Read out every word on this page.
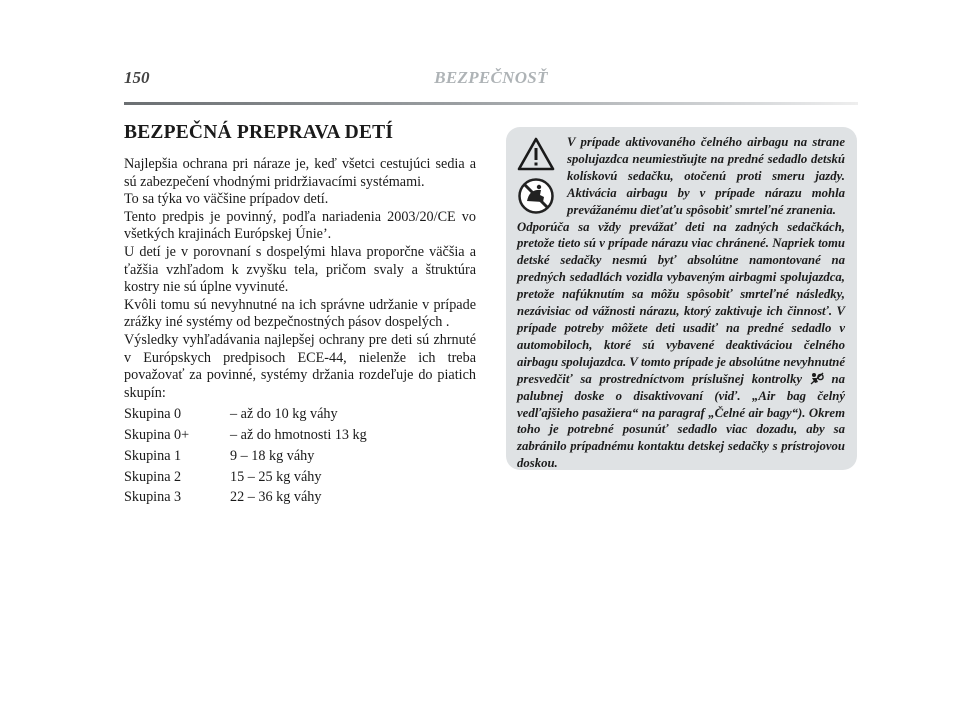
150	BEZPEČNOSŤ
BEZPEČNÁ PREPRAVA DETÍ

Najlepšia ochrana pri náraze je, keď všetci cestujúci sedia a sú zabezpečení vhodnými pridržiavacími systémami.

To sa týka vo väčšine prípadov detí.

Tento predpis je povinný, podľa nariadenia 2003/20/CE vo všetkých krajinách Európskej Únie’.

U detí je v porovnaní s dospelými hlava proporčne väčšia a ťažšia vzhľadom k zvyšku tela, pričom svaly a štruktúra kostry nie sú úplne vyvinuté.

Kvôli tomu sú nevyhnutné na ich správne udržanie v prípade zrážky iné systémy od bezpečnostných pásov dospelých .

Výsledky vyhľadávania najlepšej ochrany pre deti sú zhrnuté v Európskych predpisoch ECE-44, nielenže ich treba považovať za povinné, systémy držania rozdeľuje do piatich skupín:

Skupina 0	– až do 10 kg váhy
Skupina 0+	– až do hmotnosti 13 kg
Skupina 1	9 – 18 kg váhy
Skupina 2	15 – 25 kg váhy
Skupina 3	22 – 36 kg váhy
V prípade aktivovaného čelného airbagu na strane spolujazdca neumiestňujte na predné sedadlo detskú kolískovú sedačku, otočenú proti smeru jazdy. Aktivácia airbagu by v prípade nárazu mohla prevážanému dieťaťu spôsobiť smrteľné zranenia.
Odporúča sa vždy prevážať deti na zadných sedačkách, pretože tieto sú v prípade nárazu viac chránené. Napriek tomu detské sedačky nesmú byť absolútne namontované na predných sedadlách vozidla vybaveným airbagmi spolujazdca, pretože nafúknutím sa môžu spôsobiť smrteľné následky, nezávisiac od vážnosti nárazu, ktorý zaktivuje ich činnosť. V prípade potreby môžete deti usadiť na predné sedadlo v automobiloch, ktoré sú vybavené deaktiváciou čelného airbagu spolujazdca. V tomto prípade je absolútne nevyhnutné presvedčiť sa prostredníctvom príslušnej kontrolky na palubnej doske o disaktivovaní (viď. „Air bag čelný vedľajšieho pasažiera“ na paragraf „Čelné air bagy“). Okrem toho je potrebné posunúť sedadlo viac dozadu, aby sa zabránilo prípadnému kontaktu detskej sedačky s prístrojovou doskou.
